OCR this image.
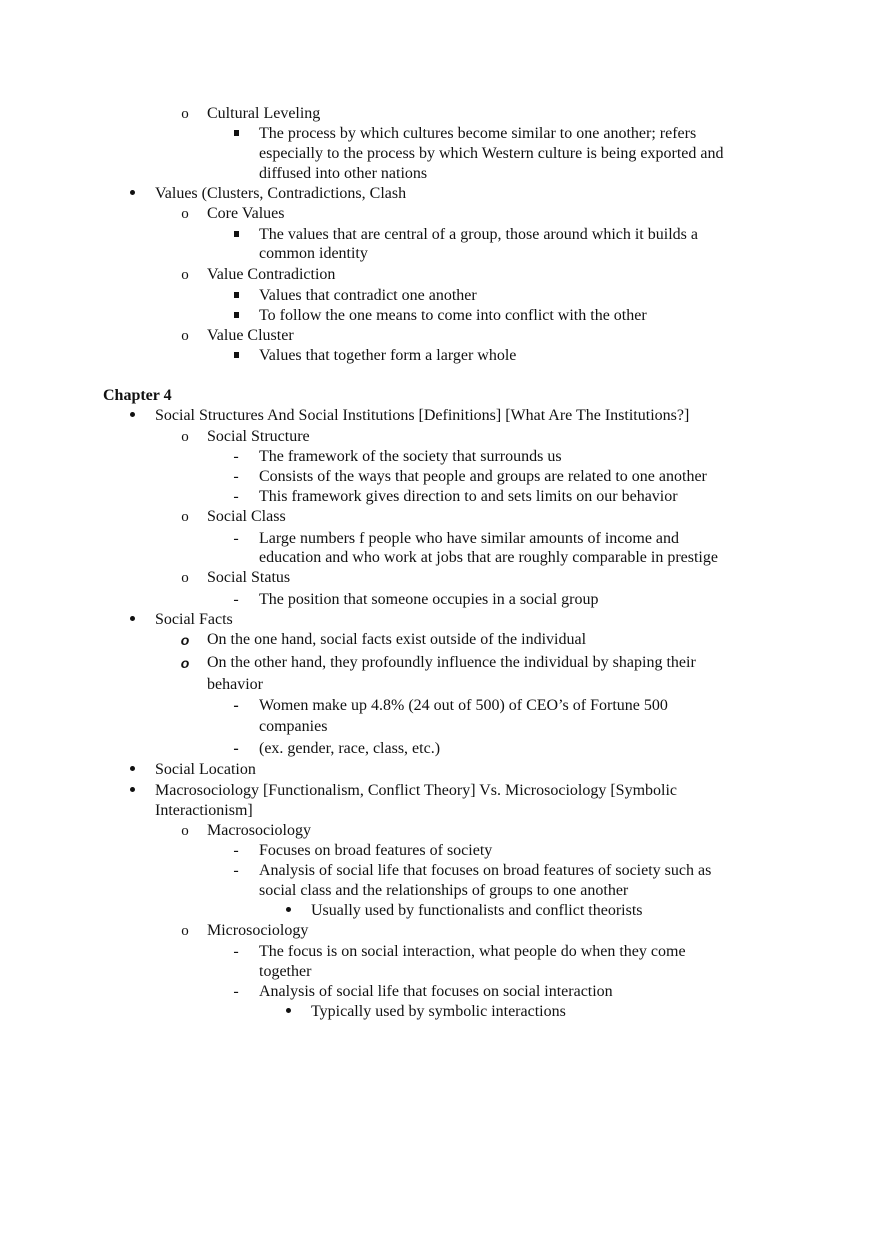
o
Cultural Leveling
The process by which cultures become similar to one another; refers
especially to the process by which Western culture is being exported and
diffused into other nations
Values (Clusters, Contradictions, Clash
o
Core Values
The values that are central of a group, those around which it builds a
common identity
o
Value Contradiction
Values that contradict one another
To follow the one means to come into conflict with the other
o
Value Cluster
Values that together form a larger whole
Chapter 4
Social Structures And Social Institutions [Definitions] [What Are The Institutions?]
o
Social Structure
-
The framework of the society that surrounds us
-
Consists of the ways that people and groups are related to one another
-
This framework gives direction to and sets limits on our behavior
o
Social Class
-
Large numbers f people who have similar amounts of income and
education and who work at jobs that are roughly comparable in prestige
o
Social Status
-
The position that someone occupies in a social group
Social Facts
o
On the one hand, social facts exist outside of the individual
o
On the other hand, they profoundly influence the individual by shaping their
behavior
-
Women make up 4.8% (24 out of 500) of CEO’s of Fortune 500
companies
-
(ex. gender, race, class, etc.)
Social Location
Macrosociology [Functionalism, Conflict Theory] Vs. Microsociology [Symbolic
Interactionism]
o
Macrosociology
-
Focuses on broad features of society
-
Analysis of social life that focuses on broad features of society such as
social class and the relationships of groups to one another
Usually used by functionalists and conflict theorists
o
Microsociology
-
The focus is on social interaction, what people do when they come
together
-
Analysis of social life that focuses on social interaction
Typically used by symbolic interactions
